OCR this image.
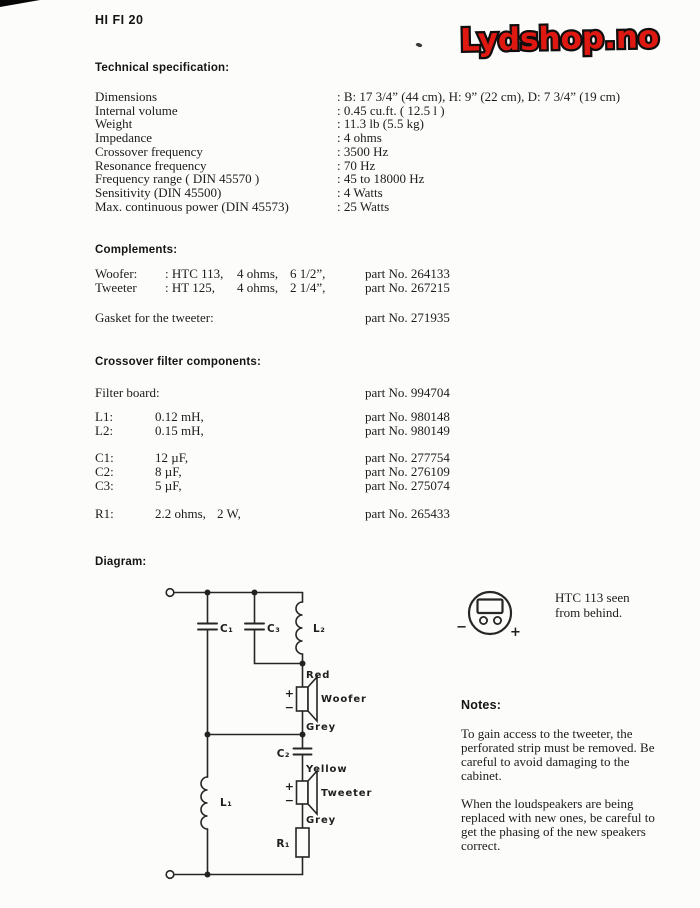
HI FI 20	Lydshop.no
Technical specification:
Dimensions	: B: 17 3/4” (44 cm), H: 9” (22 cm), D: 7 3/4” (19 cm)
Internal volume	: 0.45 cu.ft. ( 12.5 l )
Weight	: 11.3 lb (5.5 kg)
Impedance	: 4 ohms
Crossover frequency	: 3500 Hz
Resonance frequency	: 70 Hz
Frequency range ( DIN 45570 )	: 45 to 18000 Hz
Sensitivity (DIN 45500)	: 4 Watts
Max. continuous power (DIN 45573)	: 25 Watts
Complements:
Woofer:	: HTC 113,	4 ohms, 6 1/2”,	part No. 264133
Tweeter	: HT 125,	4 ohms, 2 1/4”,	part No. 267215
Gasket for the tweeter:	part No. 271935
Crossover filter components:
Filter board:	part No. 994704
L1:	0.12 mH,	part No. 980148
L2:	0.15 mH,	part No. 980149
C1:	12 µF,	part No. 277754
C2:	8 µF,	part No. 276109
C3:	5 µF,	part No. 275074
R1:	2.2 ohms, 2 W,	part No. 265433
Diagram:
C₁	C₃	L₂
C₂
L₁
R₁
Red
Woofer
Grey
Yellow
Tweeter
Grey
+
−
+
−
−	+
HTC 113 seen
from behind.
Notes:
To gain access to the tweeter, the perforated strip must be removed. Be careful to avoid damaging to the cabinet.
When the loudspeakers are being replaced with new ones, be careful to get the phasing of the new speakers correct.
